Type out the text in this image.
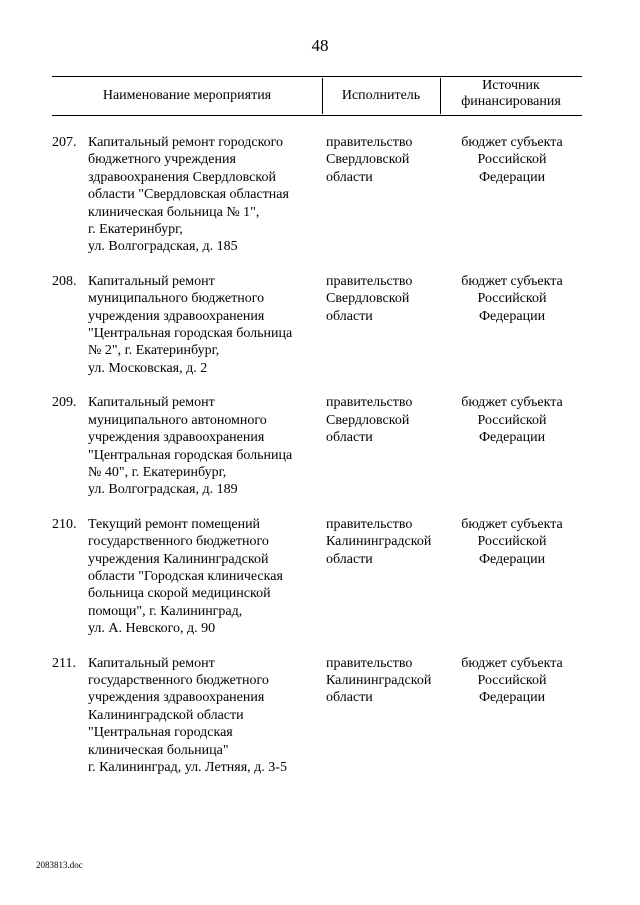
48
Наименование мероприятия	Исполнитель
Источник
финансирования
207. Капитальный ремонт городского
бюджетного учреждения
здравоохранения Свердловской
области "Свердловская областная
клиническая больница № 1",
г. Екатеринбург,
ул. Волгоградская, д. 185
правительство
Свердловской
области
бюджет субъекта
Российской
Федерации
208. Капитальный ремонт
муниципального бюджетного
учреждения здравоохранения
"Центральная городская больница
№ 2", г. Екатеринбург,
ул. Московская, д. 2
правительство
Свердловской
области
бюджет субъекта
Российской
Федерации
209. Капитальный ремонт
муниципального автономного
учреждения здравоохранения
"Центральная городская больница
№ 40", г. Екатеринбург,
ул. Волгоградская, д. 189
правительство
Свердловской
области
бюджет субъекта
Российской
Федерации
210. Текущий ремонт помещений
государственного бюджетного
учреждения Калининградской
области "Городская клиническая
больница скорой медицинской
помощи", г. Калининград,
ул. А. Невского, д. 90
правительство
Калининградской
области
бюджет субъекта
Российской
Федерации
211. Капитальный ремонт
государственного бюджетного
учреждения здравоохранения
Калининградской области
"Центральная городская
клиническая больница"
г. Калининград, ул. Летняя, д. 3-5
правительство
Калининградской
области
бюджет субъекта
Российской
Федерации
2083813.doc
